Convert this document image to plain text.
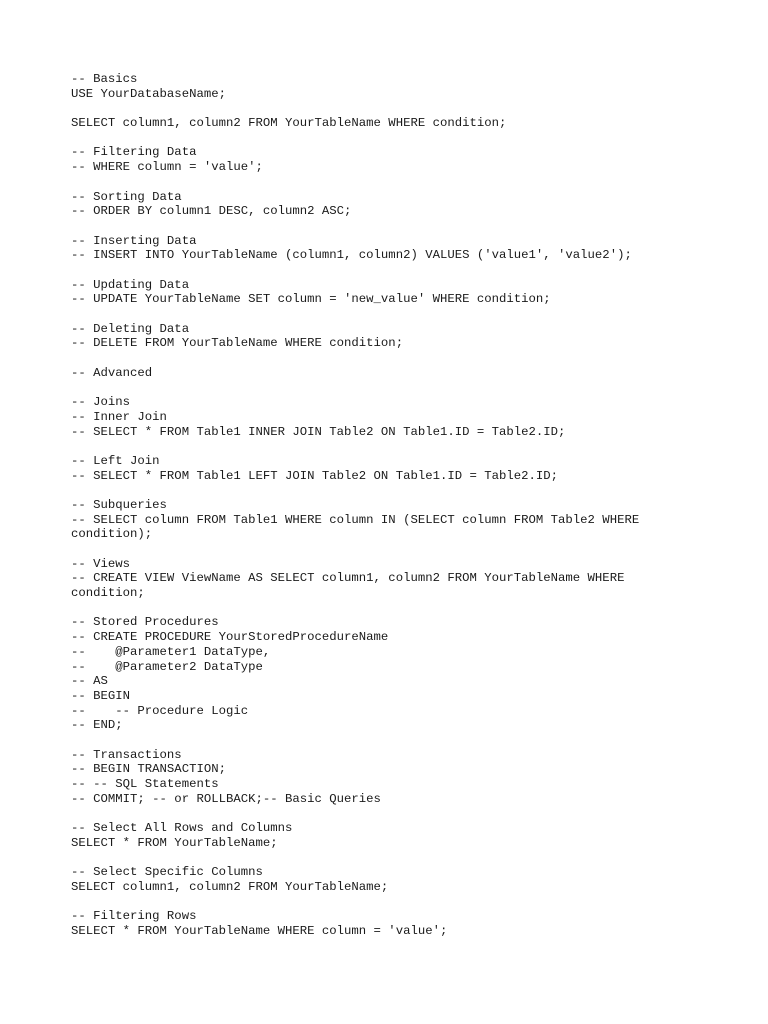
-- Basics
USE YourDatabaseName;
SELECT column1, column2 FROM YourTableName WHERE condition;
-- Filtering Data
-- WHERE column = 'value';
-- Sorting Data
-- ORDER BY column1 DESC, column2 ASC;
-- Inserting Data
-- INSERT INTO YourTableName (column1, column2) VALUES ('value1', 'value2');
-- Updating Data
-- UPDATE YourTableName SET column = 'new_value' WHERE condition;
-- Deleting Data
-- DELETE FROM YourTableName WHERE condition;
-- Advanced
-- Joins
-- Inner Join
-- SELECT * FROM Table1 INNER JOIN Table2 ON Table1.ID = Table2.ID;
-- Left Join
-- SELECT * FROM Table1 LEFT JOIN Table2 ON Table1.ID = Table2.ID;
-- Subqueries
-- SELECT column FROM Table1 WHERE column IN (SELECT column FROM Table2 WHERE
condition);
-- Views
-- CREATE VIEW ViewName AS SELECT column1, column2 FROM YourTableName WHERE
condition;
-- Stored Procedures
-- CREATE PROCEDURE YourStoredProcedureName
--    @Parameter1 DataType,
--    @Parameter2 DataType
-- AS
-- BEGIN
--    -- Procedure Logic
-- END;
-- Transactions
-- BEGIN TRANSACTION;
-- -- SQL Statements
-- COMMIT; -- or ROLLBACK;-- Basic Queries
-- Select All Rows and Columns
SELECT * FROM YourTableName;
-- Select Specific Columns
SELECT column1, column2 FROM YourTableName;
-- Filtering Rows
SELECT * FROM YourTableName WHERE column = 'value';
